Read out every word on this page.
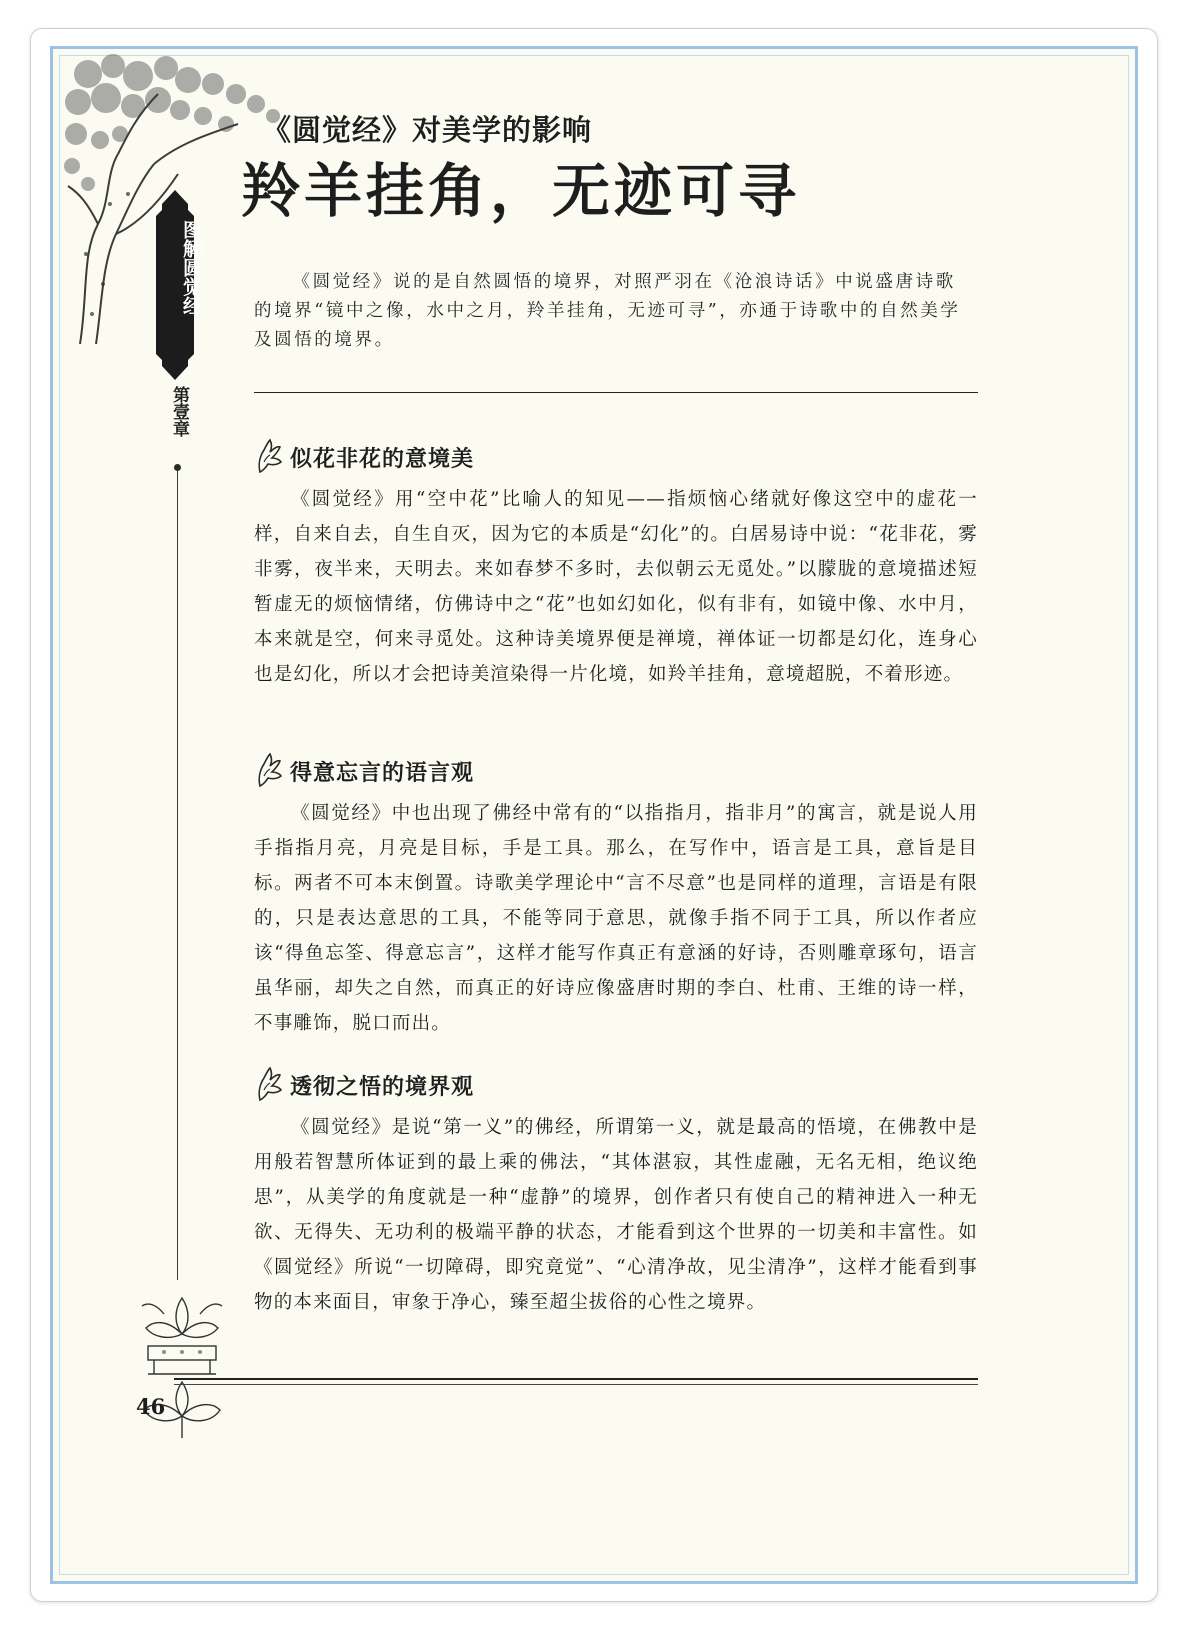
图解圆觉经
第壹章
《圆觉经》对美学的影响
羚羊挂角，无迹可寻

《圆觉经》说的是自然圆悟的境界，对照严羽在《沧浪诗话》中说盛唐诗歌的境界“镜中之像，水中之月，羚羊挂角，无迹可寻”，亦通于诗歌中的自然美学及圆悟的境界。

似花非花的意境美

《圆觉经》用“空中花”比喻人的知见——指烦恼心绪就好像这空中的虚花一样，自来自去，自生自灭，因为它的本质是“幻化”的。白居易诗中说：“花非花，雾非雾，夜半来，天明去。来如春梦不多时，去似朝云无觅处。”以朦胧的意境描述短暂虚无的烦恼情绪，仿佛诗中之“花”也如幻如化，似有非有，如镜中像、水中月，本来就是空，何来寻觅处。这种诗美境界便是禅境，禅体证一切都是幻化，连身心也是幻化，所以才会把诗美渲染得一片化境，如羚羊挂角，意境超脱，不着形迹。

得意忘言的语言观

《圆觉经》中也出现了佛经中常有的“以指指月，指非月”的寓言，就是说人用手指指月亮，月亮是目标，手是工具。那么，在写作中，语言是工具，意旨是目标。两者不可本末倒置。诗歌美学理论中“言不尽意”也是同样的道理，言语是有限的，只是表达意思的工具，不能等同于意思，就像手指不同于工具，所以作者应该“得鱼忘筌、得意忘言”，这样才能写作真正有意涵的好诗，否则雕章琢句，语言虽华丽，却失之自然，而真正的好诗应像盛唐时期的李白、杜甫、王维的诗一样，不事雕饰，脱口而出。

透彻之悟的境界观

《圆觉经》是说“第一义”的佛经，所谓第一义，就是最高的悟境，在佛教中是用般若智慧所体证到的最上乘的佛法，“其体湛寂，其性虚融，无名无相，绝议绝思”，从美学的角度就是一种“虚静”的境界，创作者只有使自己的精神进入一种无欲、无得失、无功利的极端平静的状态，才能看到这个世界的一切美和丰富性。如《圆觉经》所说“一切障碍，即究竟觉”、“心清净故，见尘清净”，这样才能看到事物的本来面目，审象于净心，臻至超尘拔俗的心性之境界。

46
